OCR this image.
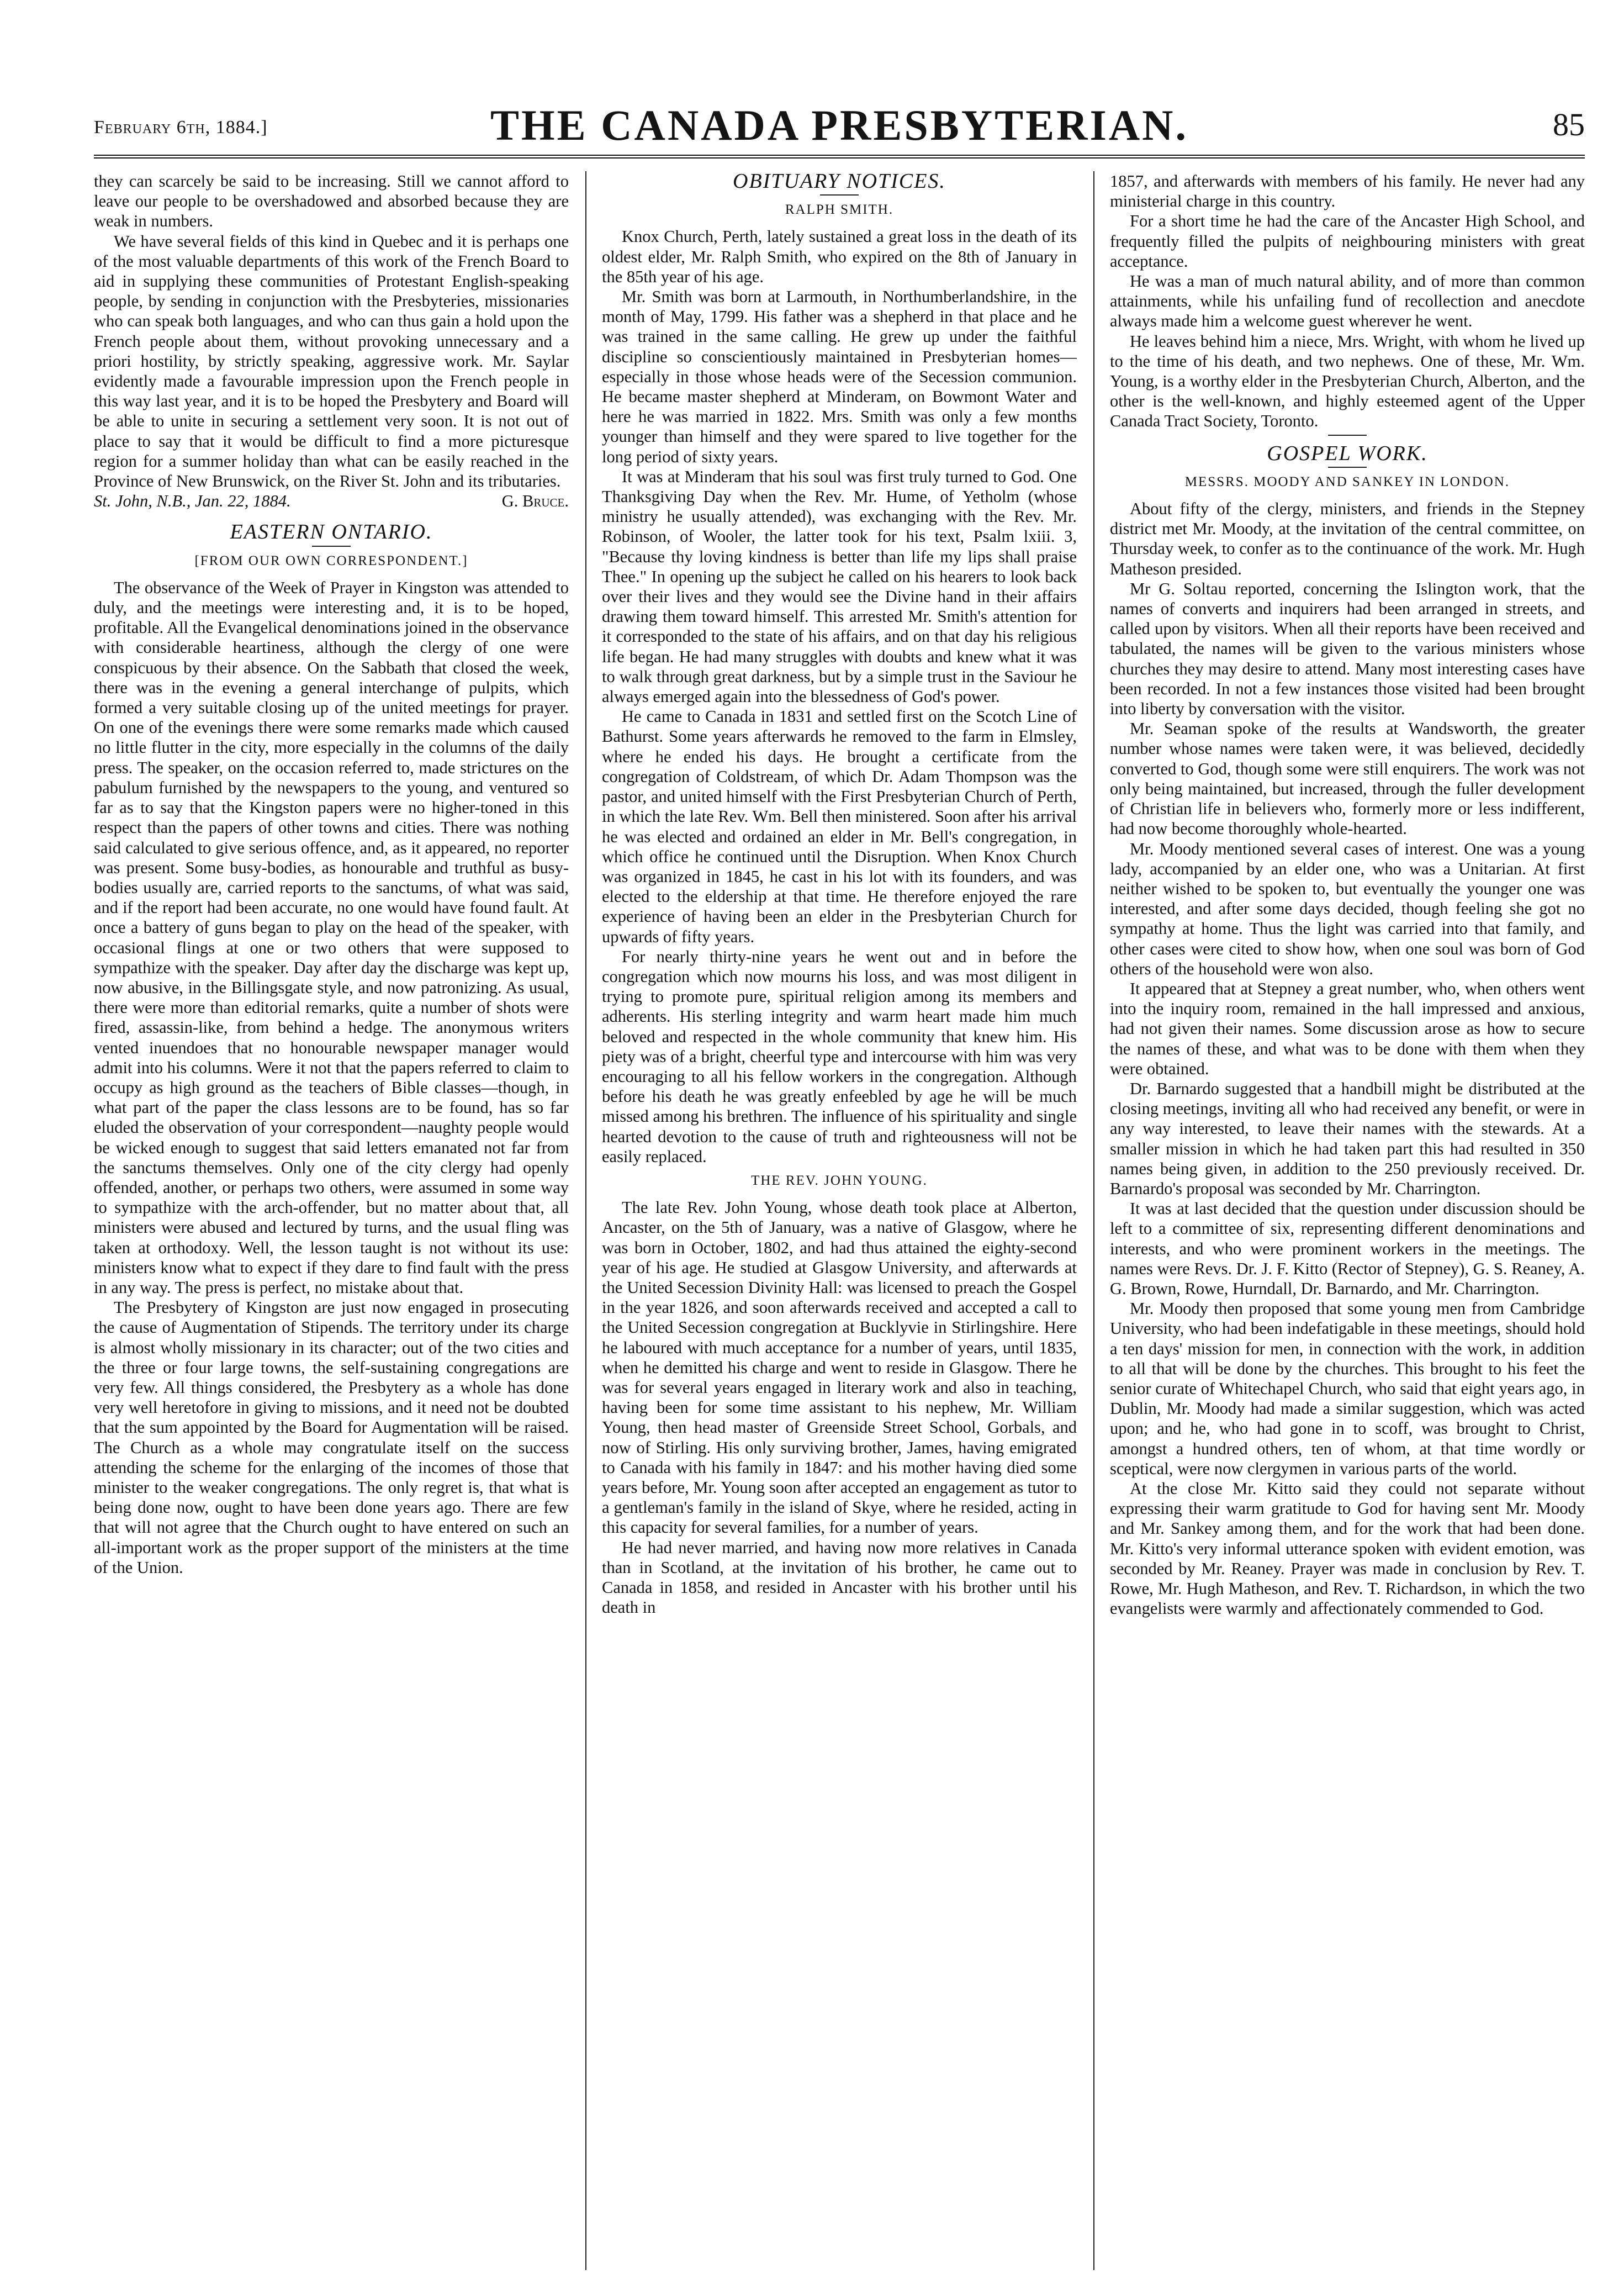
February 6th, 1884.]	THE CANADA PRESBYTERIAN.	85

they can scarcely be said to be increasing. Still we cannot afford to leave our people to be overshadowed and absorbed because they are weak in numbers.

We have several fields of this kind in Quebec and it is perhaps one of the most valuable departments of this work of the French Board to aid in supplying these communities of Protestant English-speaking people, by sending in conjunction with the Presbyteries, missionaries who can speak both languages, and who can thus gain a hold upon the French people about them, without provoking unnecessary and a priori hostility, by strictly speaking, aggressive work. Mr. Saylar evidently made a favourable impression upon the French people in this way last year, and it is to be hoped the Presbytery and Board will be able to unite in securing a settlement very soon. It is not out of place to say that it would be difficult to find a more picturesque region for a summer holiday than what can be easily reached in the Province of New Brunswick, on the River St. John and its tributaries.

St. John, N.B., Jan. 22, 1884.	G. Bruce.
EASTERN ONTARIO.
[FROM OUR OWN CORRESPONDENT.]

The observance of the Week of Prayer in Kingston was attended to duly, and the meetings were interesting and, it is to be hoped, profitable. All the Evangelical denominations joined in the observance with considerable heartiness, although the clergy of one were conspicuous by their absence. On the Sabbath that closed the week, there was in the evening a general interchange of pulpits, which formed a very suitable closing up of the united meetings for prayer. On one of the evenings there were some remarks made which caused no little flutter in the city, more especially in the columns of the daily press. The speaker, on the occasion referred to, made strictures on the pabulum furnished by the newspapers to the young, and ventured so far as to say that the Kingston papers were no higher-toned in this respect than the papers of other towns and cities. There was nothing said calculated to give serious offence, and, as it appeared, no reporter was present. Some busy-bodies, as honourable and truthful as busy-bodies usually are, carried reports to the sanctums, of what was said, and if the report had been accurate, no one would have found fault. At once a battery of guns began to play on the head of the speaker, with occasional flings at one or two others that were supposed to sympathize with the speaker. Day after day the discharge was kept up, now abusive, in the Billingsgate style, and now patronizing. As usual, there were more than editorial remarks, quite a number of shots were fired, assassin-like, from behind a hedge. The anonymous writers vented inuendoes that no honourable newspaper manager would admit into his columns. Were it not that the papers referred to claim to occupy as high ground as the teachers of Bible classes—though, in what part of the paper the class lessons are to be found, has so far eluded the observation of your correspondent—naughty people would be wicked enough to suggest that said letters emanated not far from the sanctums themselves. Only one of the city clergy had openly offended, another, or perhaps two others, were assumed in some way to sympathize with the arch-offender, but no matter about that, all ministers were abused and lectured by turns, and the usual fling was taken at orthodoxy. Well, the lesson taught is not without its use: ministers know what to expect if they dare to find fault with the press in any way. The press is perfect, no mistake about that.

The Presbytery of Kingston are just now engaged in prosecuting the cause of Augmentation of Stipends. The territory under its charge is almost wholly missionary in its character; out of the two cities and the three or four large towns, the self-sustaining congregations are very few. All things considered, the Presbytery as a whole has done very well heretofore in giving to missions, and it need not be doubted that the sum appointed by the Board for Augmentation will be raised. The Church as a whole may congratulate itself on the success attending the scheme for the enlarging of the incomes of those that minister to the weaker congregations. The only regret is, that what is being done now, ought to have been done years ago. There are few that will not agree that the Church ought to have entered on such an all-important work as the proper support of the ministers at the time of the Union.

OBITUARY NOTICES.
RALPH SMITH.

Knox Church, Perth, lately sustained a great loss in the death of its oldest elder, Mr. Ralph Smith, who expired on the 8th of January in the 85th year of his age.

Mr. Smith was born at Larmouth, in Northumberlandshire, in the month of May, 1799. His father was a shepherd in that place and he was trained in the same calling. He grew up under the faithful discipline so conscientiously maintained in Presbyterian homes—especially in those whose heads were of the Secession communion. He became master shepherd at Minderam, on Bowmont Water and here he was married in 1822. Mrs. Smith was only a few months younger than himself and they were spared to live together for the long period of sixty years.

It was at Minderam that his soul was first truly turned to God. One Thanksgiving Day when the Rev. Mr. Hume, of Yetholm (whose ministry he usually attended), was exchanging with the Rev. Mr. Robinson, of Wooler, the latter took for his text, Psalm lxiii. 3, "Because thy loving kindness is better than life my lips shall praise Thee." In opening up the subject he called on his hearers to look back over their lives and they would see the Divine hand in their affairs drawing them toward himself. This arrested Mr. Smith's attention for it corresponded to the state of his affairs, and on that day his religious life began. He had many struggles with doubts and knew what it was to walk through great darkness, but by a simple trust in the Saviour he always emerged again into the blessedness of God's power.

He came to Canada in 1831 and settled first on the Scotch Line of Bathurst. Some years afterwards he removed to the farm in Elmsley, where he ended his days. He brought a certificate from the congregation of Coldstream, of which Dr. Adam Thompson was the pastor, and united himself with the First Presbyterian Church of Perth, in which the late Rev. Wm. Bell then ministered. Soon after his arrival he was elected and ordained an elder in Mr. Bell's congregation, in which office he continued until the Disruption. When Knox Church was organized in 1845, he cast in his lot with its founders, and was elected to the eldership at that time. He therefore enjoyed the rare experience of having been an elder in the Presbyterian Church for upwards of fifty years.

For nearly thirty-nine years he went out and in before the congregation which now mourns his loss, and was most diligent in trying to promote pure, spiritual religion among its members and adherents. His sterling integrity and warm heart made him much beloved and respected in the whole community that knew him. His piety was of a bright, cheerful type and intercourse with him was very encouraging to all his fellow workers in the congregation. Although before his death he was greatly enfeebled by age he will be much missed among his brethren. The influence of his spirituality and single hearted devotion to the cause of truth and righteousness will not be easily replaced.

THE REV. JOHN YOUNG.

The late Rev. John Young, whose death took place at Alberton, Ancaster, on the 5th of January, was a native of Glasgow, where he was born in October, 1802, and had thus attained the eighty-second year of his age. He studied at Glasgow University, and afterwards at the United Secession Divinity Hall: was licensed to preach the Gospel in the year 1826, and soon afterwards received and accepted a call to the United Secession congregation at Bucklyvie in Stirlingshire. Here he laboured with much acceptance for a number of years, until 1835, when he demitted his charge and went to reside in Glasgow. There he was for several years engaged in literary work and also in teaching, having been for some time assistant to his nephew, Mr. William Young, then head master of Greenside Street School, Gorbals, and now of Stirling. His only surviving brother, James, having emigrated to Canada with his family in 1847: and his mother having died some years before, Mr. Young soon after accepted an engagement as tutor to a gentleman's family in the island of Skye, where he resided, acting in this capacity for several families, for a number of years.

He had never married, and having now more relatives in Canada than in Scotland, at the invitation of his brother, he came out to Canada in 1858, and resided in Ancaster with his brother until his death in

1857, and afterwards with members of his family. He never had any ministerial charge in this country.

For a short time he had the care of the Ancaster High School, and frequently filled the pulpits of neighbouring ministers with great acceptance.

He was a man of much natural ability, and of more than common attainments, while his unfailing fund of recollection and anecdote always made him a welcome guest wherever he went.

He leaves behind him a niece, Mrs. Wright, with whom he lived up to the time of his death, and two nephews. One of these, Mr. Wm. Young, is a worthy elder in the Presbyterian Church, Alberton, and the other is the well-known, and highly esteemed agent of the Upper Canada Tract Society, Toronto.

GOSPEL WORK.
MESSRS. MOODY AND SANKEY IN LONDON.

About fifty of the clergy, ministers, and friends in the Stepney district met Mr. Moody, at the invitation of the central committee, on Thursday week, to confer as to the continuance of the work. Mr. Hugh Matheson presided.

Mr G. Soltau reported, concerning the Islington work, that the names of converts and inquirers had been arranged in streets, and called upon by visitors. When all their reports have been received and tabulated, the names will be given to the various ministers whose churches they may desire to attend. Many most interesting cases have been recorded. In not a few instances those visited had been brought into liberty by conversation with the visitor.

Mr. Seaman spoke of the results at Wandsworth, the greater number whose names were taken were, it was believed, decidedly converted to God, though some were still enquirers. The work was not only being maintained, but increased, through the fuller development of Christian life in believers who, formerly more or less indifferent, had now become thoroughly whole-hearted.

Mr. Moody mentioned several cases of interest. One was a young lady, accompanied by an elder one, who was a Unitarian. At first neither wished to be spoken to, but eventually the younger one was interested, and after some days decided, though feeling she got no sympathy at home. Thus the light was carried into that family, and other cases were cited to show how, when one soul was born of God others of the household were won also.

It appeared that at Stepney a great number, who, when others went into the inquiry room, remained in the hall impressed and anxious, had not given their names. Some discussion arose as how to secure the names of these, and what was to be done with them when they were obtained.

Dr. Barnardo suggested that a handbill might be distributed at the closing meetings, inviting all who had received any benefit, or were in any way interested, to leave their names with the stewards. At a smaller mission in which he had taken part this had resulted in 350 names being given, in addition to the 250 previously received. Dr. Barnardo's proposal was seconded by Mr. Charrington.

It was at last decided that the question under discussion should be left to a committee of six, representing different denominations and interests, and who were prominent workers in the meetings. The names were Revs. Dr. J. F. Kitto (Rector of Stepney), G. S. Reaney, A. G. Brown, Rowe, Hurndall, Dr. Barnardo, and Mr. Charrington.

Mr. Moody then proposed that some young men from Cambridge University, who had been indefatigable in these meetings, should hold a ten days' mission for men, in connection with the work, in addition to all that will be done by the churches. This brought to his feet the senior curate of Whitechapel Church, who said that eight years ago, in Dublin, Mr. Moody had made a similar suggestion, which was acted upon; and he, who had gone in to scoff, was brought to Christ, amongst a hundred others, ten of whom, at that time wordly or sceptical, were now clergymen in various parts of the world.

At the close Mr. Kitto said they could not separate without expressing their warm gratitude to God for having sent Mr. Moody and Mr. Sankey among them, and for the work that had been done. Mr. Kitto's very informal utterance spoken with evident emotion, was seconded by Mr. Reaney. Prayer was made in conclusion by Rev. T. Rowe, Mr. Hugh Matheson, and Rev. T. Richardson, in which the two evangelists were warmly and affectionately commended to God.
